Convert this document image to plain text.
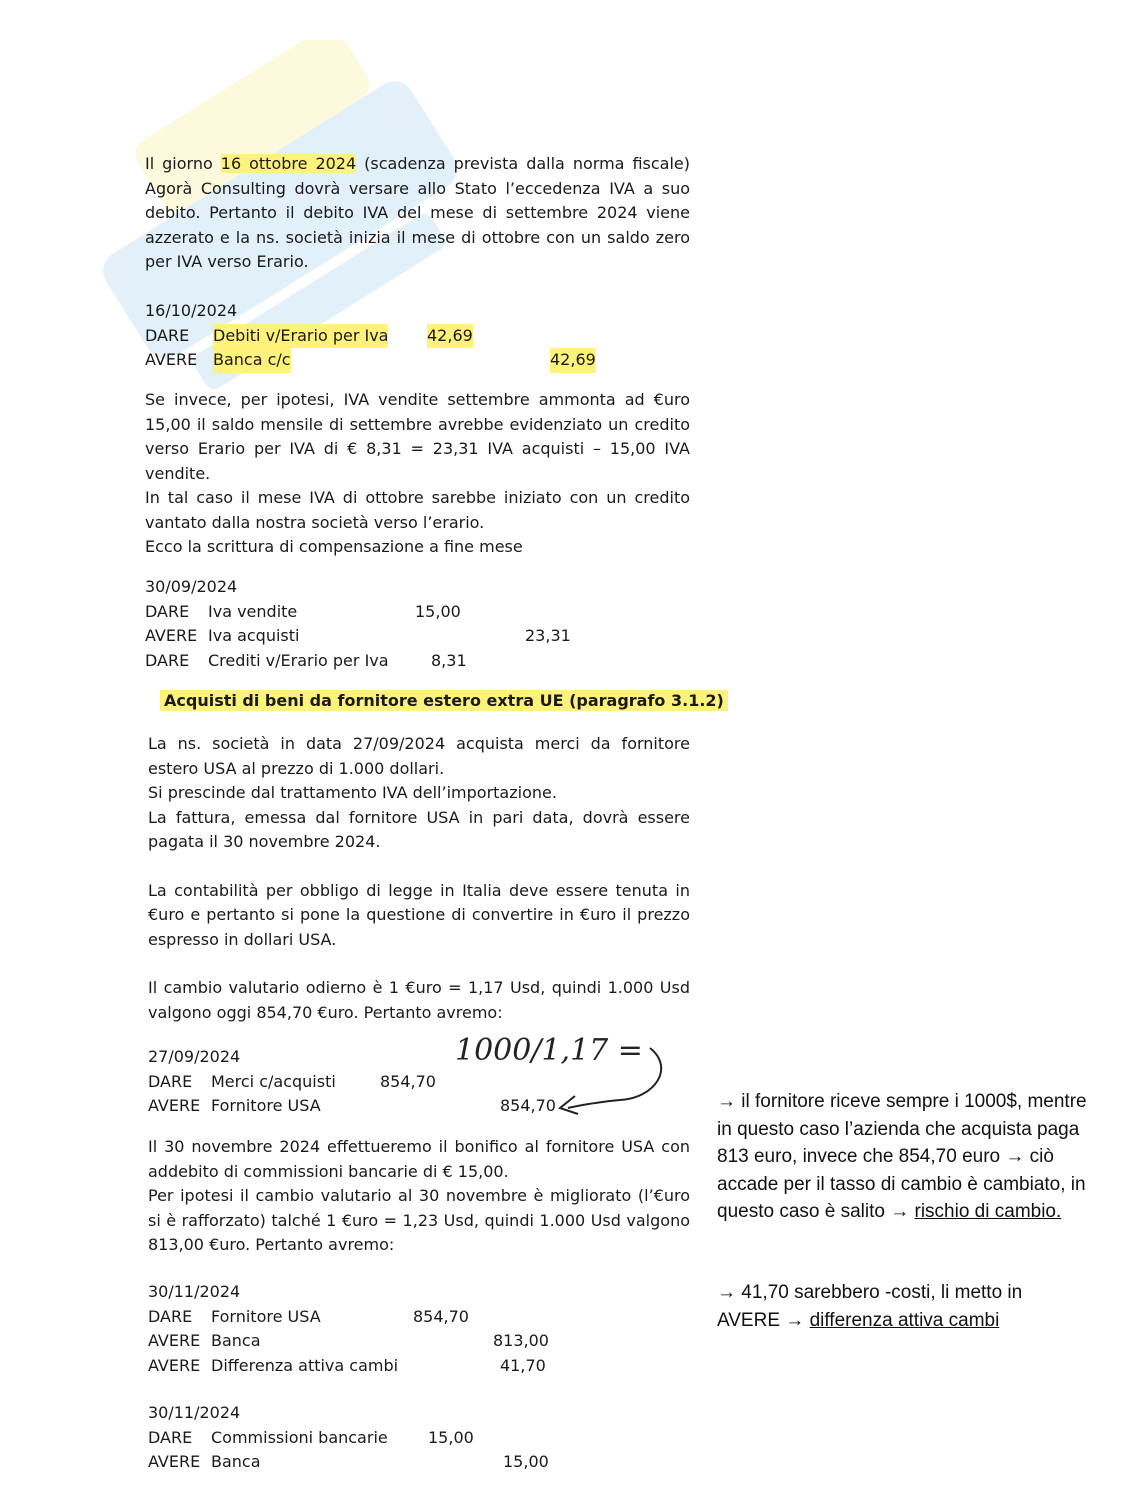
Il giorno 16 ottobre 2024 (scadenza prevista dalla norma fiscale) Agorà Consulting dovrà versare allo Stato l’eccedenza IVA a suo debito. Pertanto il debito IVA del mese di settembre 2024 viene azzerato e la ns. società inizia il mese di ottobre con un saldo zero per IVA verso Erario.

16/10/2024

DARE Debiti v/Erario per Iva 42,69
AVERE Banca c/c	42,69

Se invece, per ipotesi, IVA vendite settembre ammonta ad €uro 15,00 il saldo mensile di settembre avrebbe evidenziato un credito verso Erario per IVA di € 8,31 = 23,31 IVA acquisti – 15,00 IVA vendite.

In tal caso il mese IVA di ottobre sarebbe iniziato con un credito vantato dalla nostra società verso l’erario.

Ecco la scrittura di compensazione a fine mese

30/09/2024

DARE Iva vendite	15,00
AVERE Iva acquisti	23,31
DARE Crediti v/Erario per Iva	8,31
Acquisti di beni da fornitore estero extra UE (paragrafo 3.1.2)

La ns. società in data 27/09/2024 acquista merci da fornitore estero USA al prezzo di 1.000 dollari.

Si prescinde dal trattamento IVA dell’importazione.

La fattura, emessa dal fornitore USA in pari data, dovrà essere pagata il 30 novembre 2024.

La contabilità per obbligo di legge in Italia deve essere tenuta in €uro e pertanto si pone la questione di convertire in €uro il prezzo espresso in dollari USA.

Il cambio valutario odierno è 1 €uro = 1,17 Usd, quindi 1.000 Usd valgono oggi 854,70 €uro. Pertanto avremo:

1000/1,17 =

27/09/2024

DARE Merci c/acquisti	854,70
AVERE Fornitore USA	854,70

Il 30 novembre 2024 effettueremo il bonifico al fornitore USA con addebito di commissioni bancarie di € 15,00.

Per ipotesi il cambio valutario al 30 novembre è migliorato (l’€uro si è rafforzato) talché 1 €uro = 1,23 Usd, quindi 1.000 Usd valgono 813,00 €uro. Pertanto avremo:

30/11/2024

DARE Fornitore USA	854,70
AVERE Banca	813,00
AVERE Differenza attiva cambi	41,70

30/11/2024

DARE Commissioni bancarie	15,00
AVERE Banca	15,00

→ il fornitore riceve sempre i 1000$, mentre in questo caso l’azienda che acquista paga 813 euro, invece che 854,70 euro → ciò accade per il tasso di cambio è cambiato, in questo caso è salito → rischio di cambio.

→ 41,70 sarebbero -costi, li metto in AVERE → differenza attiva cambi
